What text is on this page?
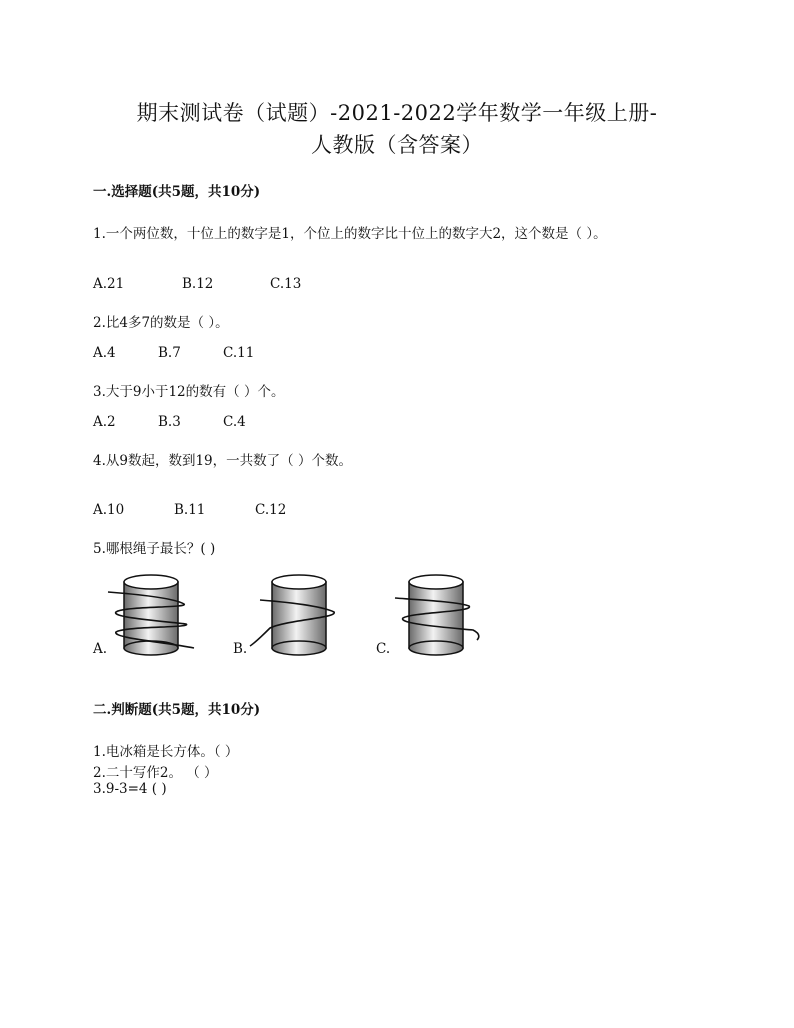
期末测试卷（试题）-2021-2022学年数学一年级上册-
人教版（含答案）
一.选择题(共5题，共10分)
1.一个两位数，十位上的数字是1，个位上的数字比十位上的数字大2，这个数是（ ）。
A.21	B.12	C.13
2.比4多7的数是（ ）。
A.4	B.7	C.11
3.大于9小于12的数有（ ）个。
A.2	B.3	C.4
4.从9数起，数到19，一共数了（ ）个数。
A.10	B.11	C.12
5.哪根绳子最长？( )
A.	B.	C.
二.判断题(共5题，共10分)
1.电冰箱是长方体。（ ）
2.二十写作2。 （ ）
3.9-3=4 ( )
